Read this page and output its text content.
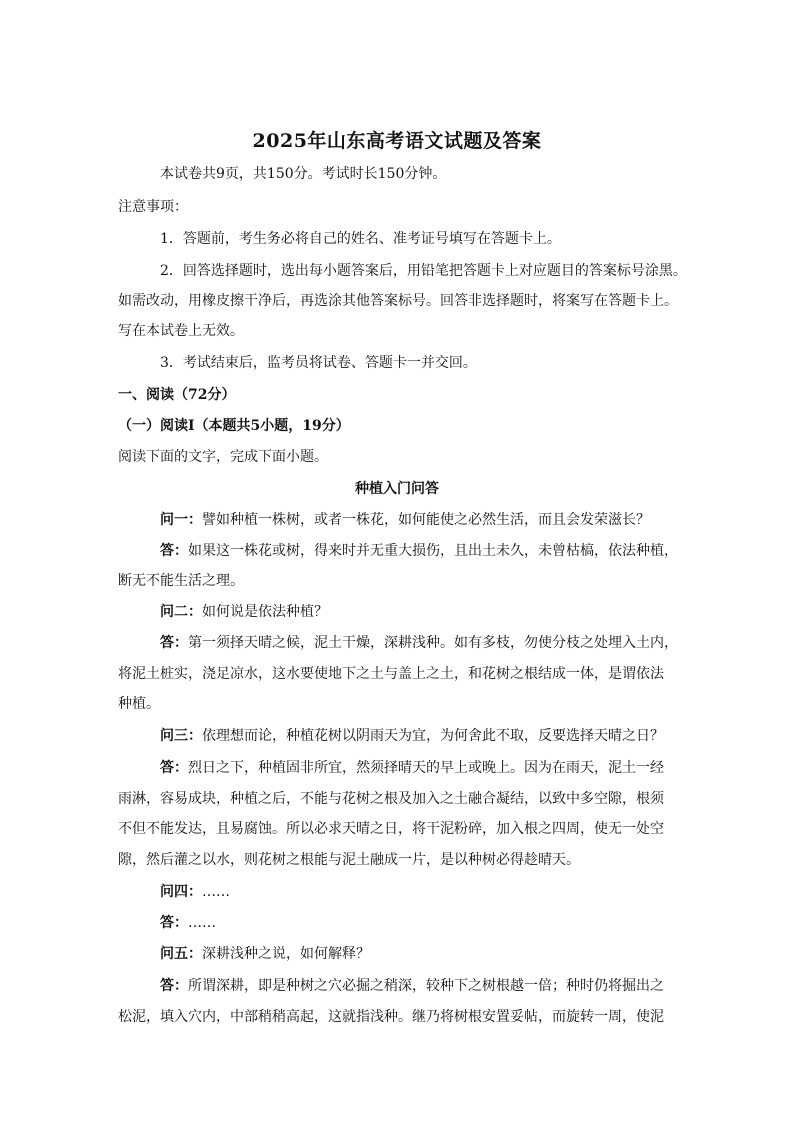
2025年山东高考语文试题及答案
本试卷共9页，共150分。考试时长150分钟。
注意事项：
1．答题前，考生务必将自己的姓名、准考证号填写在答题卡上。
2．回答选择题时，选出每小题答案后，用铅笔把答题卡上对应题目的答案标号涂黑。
如需改动，用橡皮擦干净后，再选涂其他答案标号。回答非选择题时，将案写在答题卡上。
写在本试卷上无效。
3．考试结束后，监考员将试卷、答题卡一并交回。
一、阅读（72分）
（一）阅读Ⅰ（本题共5小题，19分）
阅读下面的文字，完成下面小题。
种植入门问答
问一：譬如种植一株树，或者一株花，如何能使之必然生活，而且会发荣滋长？
答：如果这一株花或树，得来时并无重大损伤，且出土未久，未曾枯槁，依法种植，
断无不能生活之理。
问二：如何说是依法种植？
答：第一须择天晴之候，泥土干燥，深耕浅种。如有多枝，勿使分枝之处埋入土内，
将泥土桩实，浇足凉水，这水要使地下之土与盖上之土，和花树之根结成一体，是谓依法
种植。
问三：依理想而论，种植花树以阴雨天为宜，为何舍此不取，反要选择天晴之日？
答：烈日之下，种植固非所宜，然须择晴天的早上或晚上。因为在雨天，泥土一经
雨淋，容易成块，种植之后，不能与花树之根及加入之土融合凝结，以致中多空隙，根须
不但不能发达，且易腐蚀。所以必求天晴之日，将干泥粉碎，加入根之四周，使无一处空
隙，然后灌之以水，则花树之根能与泥土融成一片，是以种树必得趁晴天。
问四：……
答：……
问五：深耕浅种之说，如何解释？
答：所谓深耕，即是种树之穴必掘之稍深，较种下之树根越一倍；种时仍将掘出之
松泥，填入穴内，中部稍稍高起，这就指浅种。继乃将树根安置妥帖，而旋转一周，使泥
